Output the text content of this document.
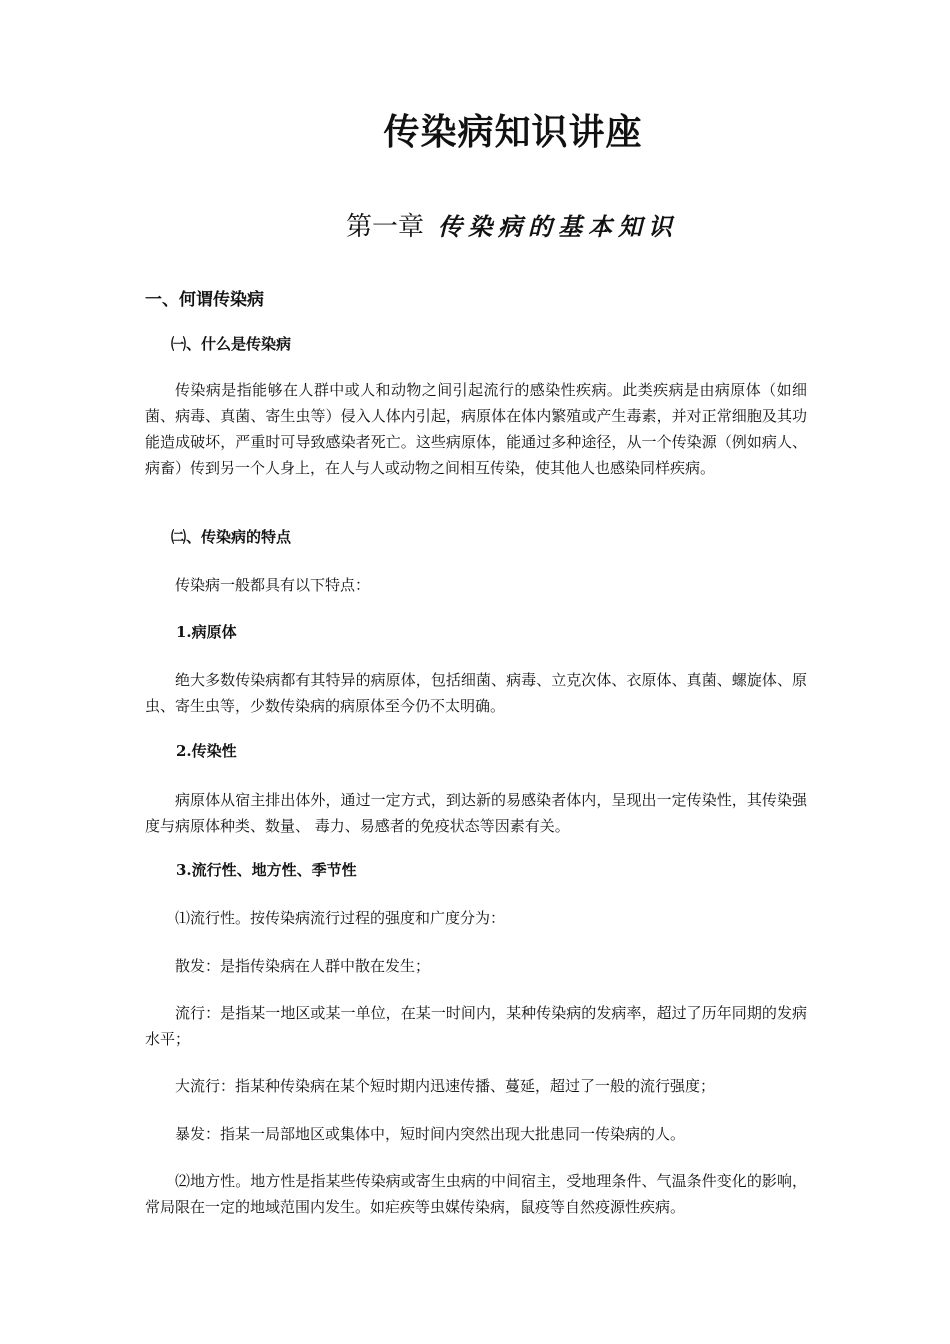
传染病知识讲座
第一章 传染病的基本知识
一、何谓传染病
㈠、什么是传染病
传染病是指能够在人群中或人和动物之间引起流行的感染性疾病。此类疾病是由病原体（如细菌、病毒、真菌、寄生虫等）侵入人体内引起，病原体在体内繁殖或产生毒素，并对正常细胞及其功能造成破坏，严重时可导致感染者死亡。这些病原体，能通过多种途径，从一个传染源（例如病人、病畜）传到另一个人身上，在人与人或动物之间相互传染，使其他人也感染同样疾病。
㈡、传染病的特点
传染病一般都具有以下特点：
1.病原体
绝大多数传染病都有其特异的病原体，包括细菌、病毒、立克次体、衣原体、真菌、螺旋体、原虫、寄生虫等，少数传染病的病原体至今仍不太明确。
2.传染性
病原体从宿主排出体外，通过一定方式，到达新的易感染者体内，呈现出一定传染性，其传染强度与病原体种类、数量、 毒力、易感者的免疫状态等因素有关。
3.流行性、地方性、季节性
⑴流行性。按传染病流行过程的强度和广度分为：
散发：是指传染病在人群中散在发生；
流行：是指某一地区或某一单位，在某一时间内，某种传染病的发病率，超过了历年同期的发病水平；
大流行：指某种传染病在某个短时期内迅速传播、蔓延，超过了一般的流行强度；
暴发：指某一局部地区或集体中，短时间内突然出现大批患同一传染病的人。
⑵地方性。地方性是指某些传染病或寄生虫病的中间宿主，受地理条件、气温条件变化的影响，常局限在一定的地域范围内发生。如疟疾等虫媒传染病，鼠疫等自然疫源性疾病。
